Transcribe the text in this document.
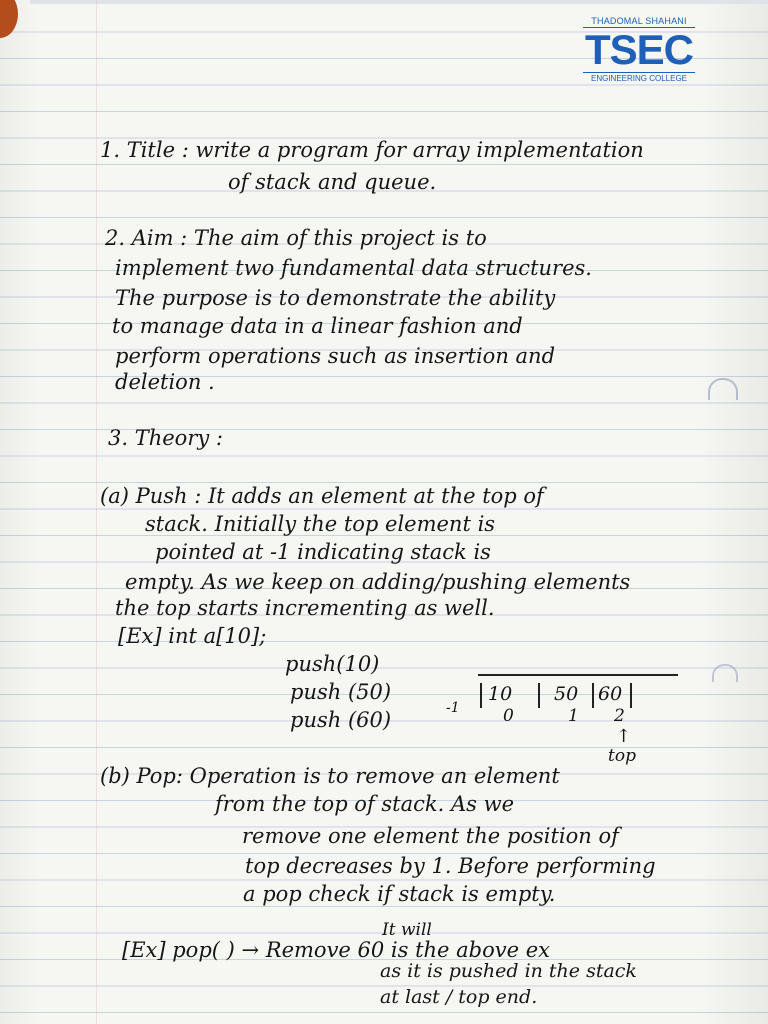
THADOMAL SHAHANI
TSEC
ENGINEERING COLLEGE
1. Title : write a program for array implementation
of stack and queue.
2. Aim : The aim of this project is to
implement two fundamental data structures.
The purpose is to demonstrate the ability
to manage data in a linear fashion and
perform operations such as insertion and
deletion .
3. Theory :
(a) Push : It adds an element at the top of
stack. Initially the top element is
pointed at -1 indicating stack is
empty. As we keep on adding/pushing elements
the top starts incrementing as well.
[Ex] int a[10];
push(10)
push (50)
push (60)	-1
10	50	60
0	1 2
↑
top
(b) Pop: Operation is to remove an element
from the top of stack. As we
remove one element the position of
top decreases by 1. Before performing
a pop check if stack is empty.
It will
[Ex] pop( ) → Remove 60 is the above ex
as it is pushed in the stack
at last / top end.
